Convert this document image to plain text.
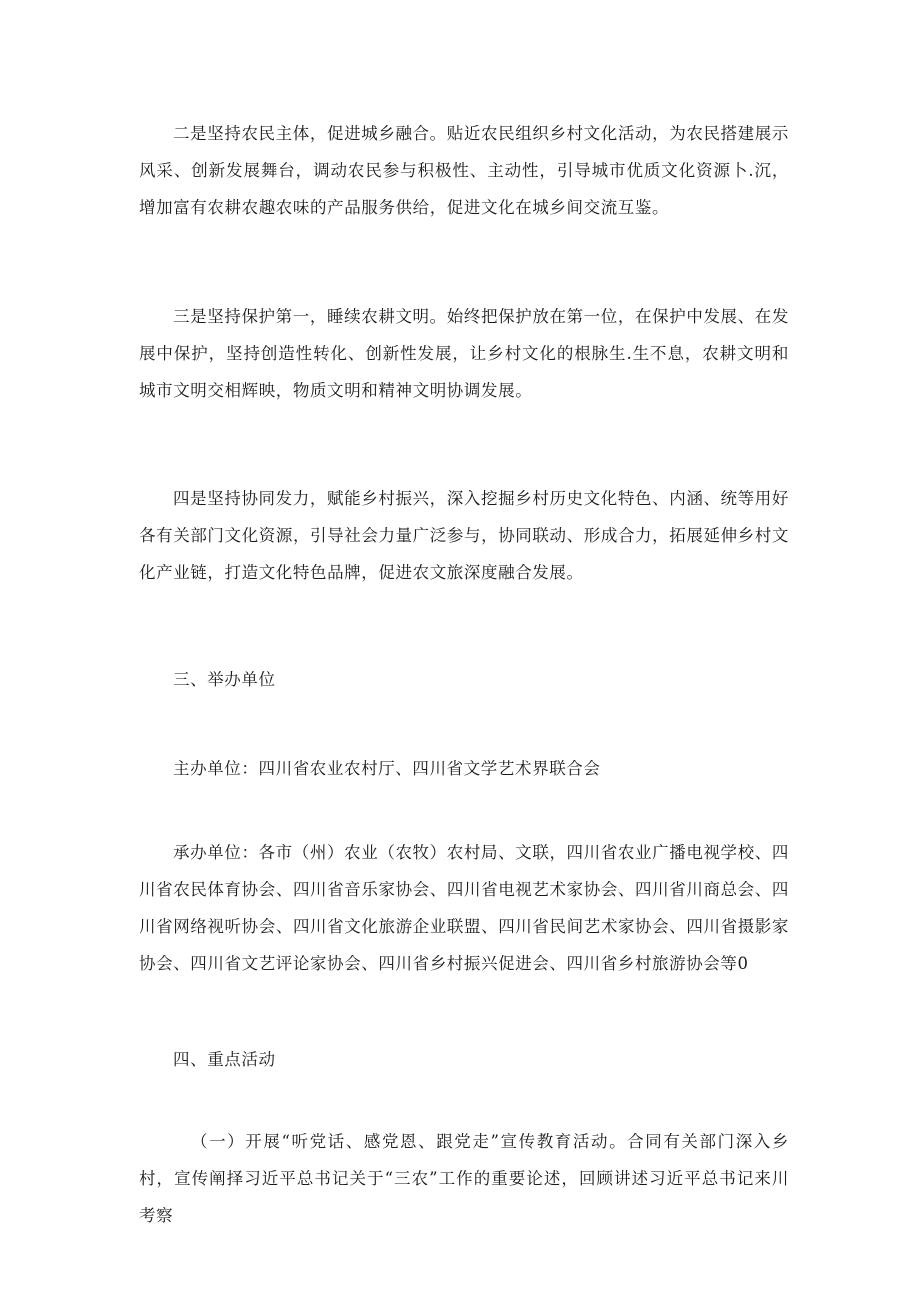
二是坚持农民主体，促进城乡融合。贴近农民组织乡村文化活动，为农民搭建展示风采、创新发展舞台，调动农民参与积极性、主动性，引导城市优质文化资源卜.沉，增加富有农耕农趣农味的产品服务供给，促进文化在城乡间交流互鉴。

三是坚持保护第一，睡续农耕文明。始终把保护放在第一位，在保护中发展、在发展中保护，坚持创造性转化、创新性发展，让乡村文化的根脉生.生不息，农耕文明和城市文明交相辉映，物质文明和精神文明协调发展。

四是坚持协同发力，赋能乡村振兴，深入挖掘乡村历史文化特色、内涵、统等用好各有关部门文化资源，引导社会力量广泛参与，协同联动、形成合力，拓展延伸乡村文化产业链，打造文化特色品牌，促进农文旅深度融合发展。

三、举办单位

主办单位：四川省农业农村厅、四川省文学艺术界联合会

承办单位：各市（州）农业（农牧）农村局、文联，四川省农业广播电视学校、四川省农民体育协会、四川省音乐家协会、四川省电视艺术家协会、四川省川商总会、四川省网络视听协会、四川省文化旅游企业联盟、四川省民间艺术家协会、四川省摄影家协会、四川省文艺评论家协会、四川省乡村振兴促进会、四川省乡村旅游协会等0

四、重点活动

（一）开展“听党话、感党恩、跟党走”宣传教育活动。合同有关部门深入乡村，宣传阐择习近平总书记关于“三农”工作的重要论述，回顾讲述习近平总书记来川考察
